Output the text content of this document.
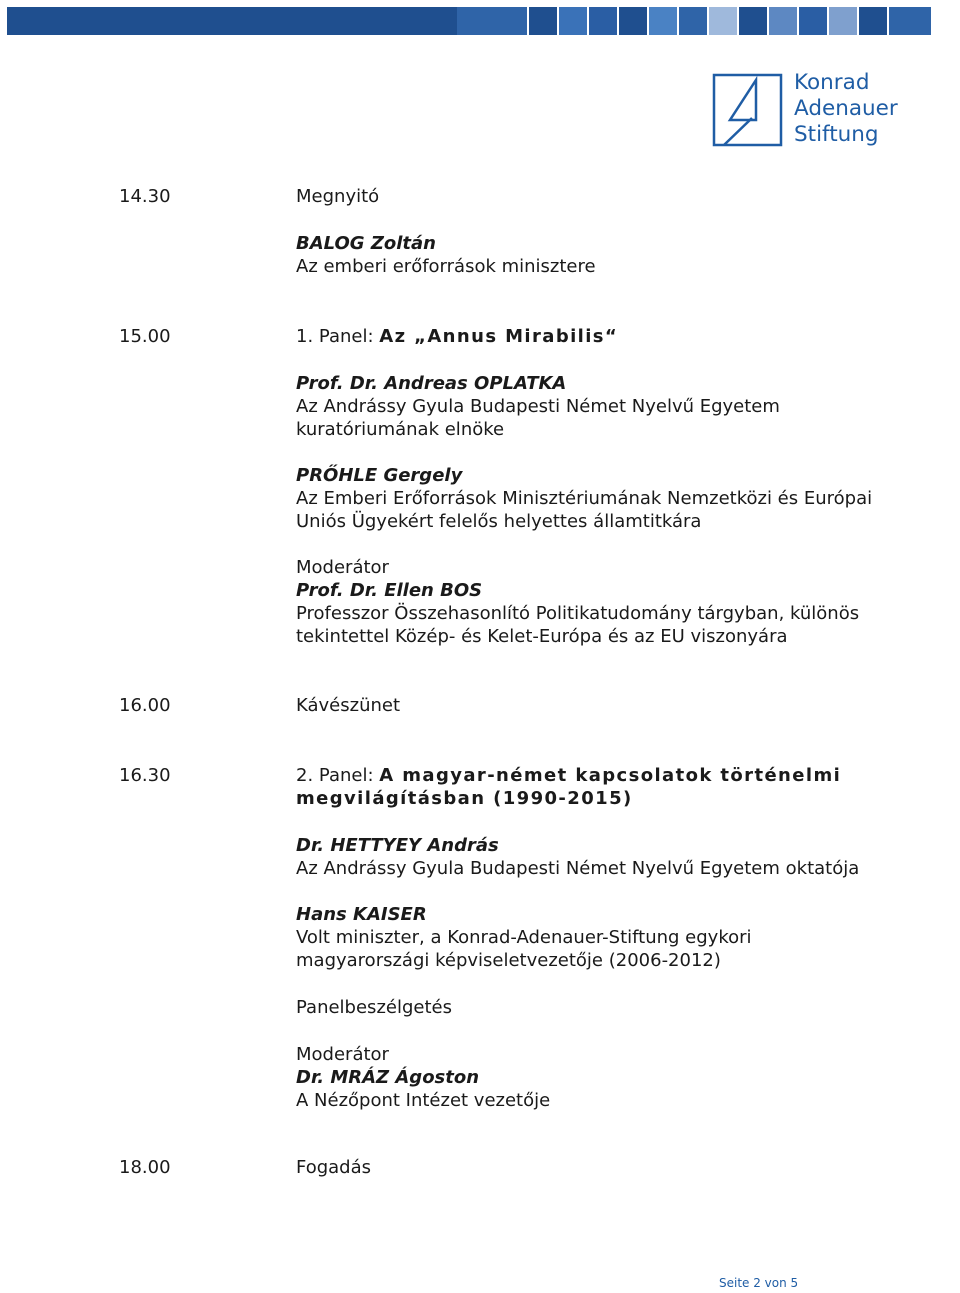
Konrad
Adenauer
Stiftung
14.30	Megnyitó
BALOG Zoltán
Az emberi erőforrások minisztere
15.00	1. Panel: Az „Annus Mirabilis“
Prof. Dr. Andreas OPLATKA
Az Andrássy Gyula Budapesti Német Nyelvű Egyetem
kuratóriumának elnöke
PRŐHLE Gergely
Az Emberi Erőforrások Minisztériumának Nemzetközi és Európai
Uniós Ügyekért felelős helyettes államtitkára
Moderátor
Prof. Dr. Ellen BOS
Professzor Összehasonlító Politikatudomány tárgyban, különös
tekintettel Közép- és Kelet-Európa és az EU viszonyára
16.00	Kávészünet
16.30	2. Panel: A magyar-német kapcsolatok történelmi
megvilágításban (1990-2015)
Dr. HETTYEY András
Az Andrássy Gyula Budapesti Német Nyelvű Egyetem oktatója
Hans KAISER
Volt miniszter, a Konrad-Adenauer-Stiftung egykori
magyarországi képviseletvezetője (2006-2012)
Panelbeszélgetés
Moderátor
Dr. MRÁZ Ágoston
A Nézőpont Intézet vezetője
18.00	Fogadás
Seite 2 von 5
